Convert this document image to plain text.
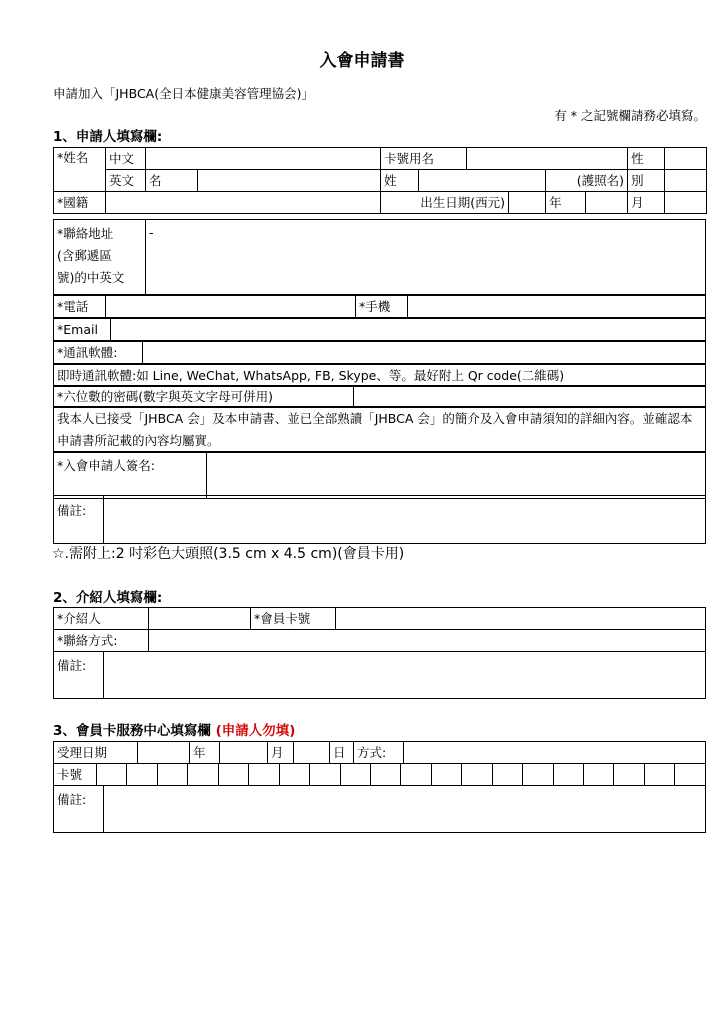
入會申請書
申請加入「JHBCA(全日本健康美容管理協会)」
有 * 之記號欄請務必填寫。
1、申請人填寫欄:
*姓名	中文			卡號用名						性		
	英文	名		姓				(護照名)		別		
*國籍				出生日期(西元)				年		月		
*聯絡地址
(含郵遞區
號)的中英文
	-
*電話		*手機	
*Email	
*通訊軟體:	
即時通訊軟體:如 Line, WeChat, WhatsApp, FB, Skype、等。最好附上 Qr code(二維碼)
*六位數的密碼(數字與英文字母可併用)	
我本人已接受「JHBCA 会」及本申請書、並已全部熟讀「JHBCA 会」的簡介及入會申請須知的詳細內容。並確認本申請書所記載的內容均屬實。
*入會申請人簽名:	
備註:	
☆.需附上:2 吋彩色大頭照(3.5 cm x 4.5 cm)(會員卡用)
2、介紹人填寫欄:
*介紹人		*會員卡號	
*聯絡方式:			
備註:	
3、會員卡服務中心填寫欄 (申請人勿填)
受理日期		年		月		日	方式:	
卡號																				
備註:	
